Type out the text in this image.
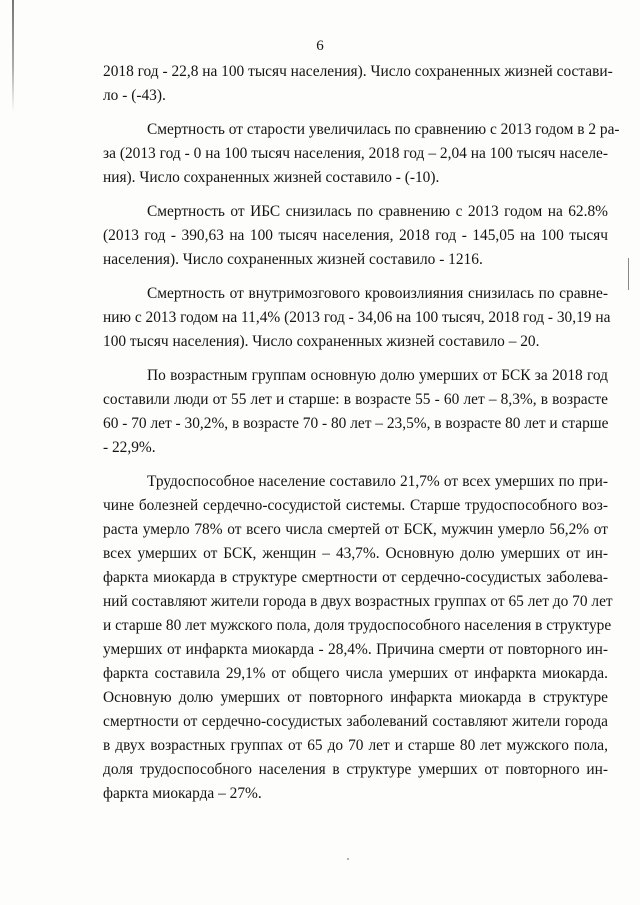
6
2018 год - 22,8 на 100 тысяч населения). Число сохраненных жизней состави-
ло - (-43).
Смертность от старости увеличилась по сравнению с 2013 годом в 2 ра-
за (2013 год - 0 на 100 тысяч населения, 2018 год – 2,04 на 100 тысяч населе-
ния). Число сохраненных жизней составило - (-10).
Смертность от ИБС снизилась по сравнению с 2013 годом на 62.8%
(2013 год - 390,63 на 100 тысяч населения, 2018 год - 145,05 на 100 тысяч
населения). Число сохраненных жизней составило - 1216.
Смертность от внутримозгового кровоизлияния снизилась по сравне-
нию с 2013 годом на 11,4% (2013 год - 34,06 на 100 тысяч, 2018 год - 30,19 на
100 тысяч населения). Число сохраненных жизней составило – 20.
По возрастным группам основную долю умерших от БСК за 2018 год
составили люди от 55 лет и старше: в возрасте 55 - 60 лет – 8,3%, в возрасте
60 - 70 лет - 30,2%, в возрасте 70 - 80 лет – 23,5%, в возрасте 80 лет и старше
- 22,9%.
Трудоспособное население составило 21,7% от всех умерших по при-
чине болезней сердечно-сосудистой системы. Старше трудоспособного воз-
раста умерло 78% от всего числа смертей от БСК, мужчин умерло 56,2% от
всех умерших от БСК, женщин – 43,7%. Основную долю умерших от ин-
фаркта миокарда в структуре смертности от сердечно-сосудистых заболева-
ний составляют жители города в двух возрастных группах от 65 лет до 70 лет
и старше 80 лет мужского пола, доля трудоспособного населения в структуре
умерших от инфаркта миокарда - 28,4%. Причина смерти от повторного ин-
фаркта составила 29,1% от общего числа умерших от инфаркта миокарда.
Основную долю умерших от повторного инфаркта миокарда в структуре
смертности от сердечно-сосудистых заболеваний составляют жители города
в двух возрастных группах от 65 до 70 лет и старше 80 лет мужского пола,
доля трудоспособного населения в структуре умерших от повторного ин-
фаркта миокарда – 27%.
